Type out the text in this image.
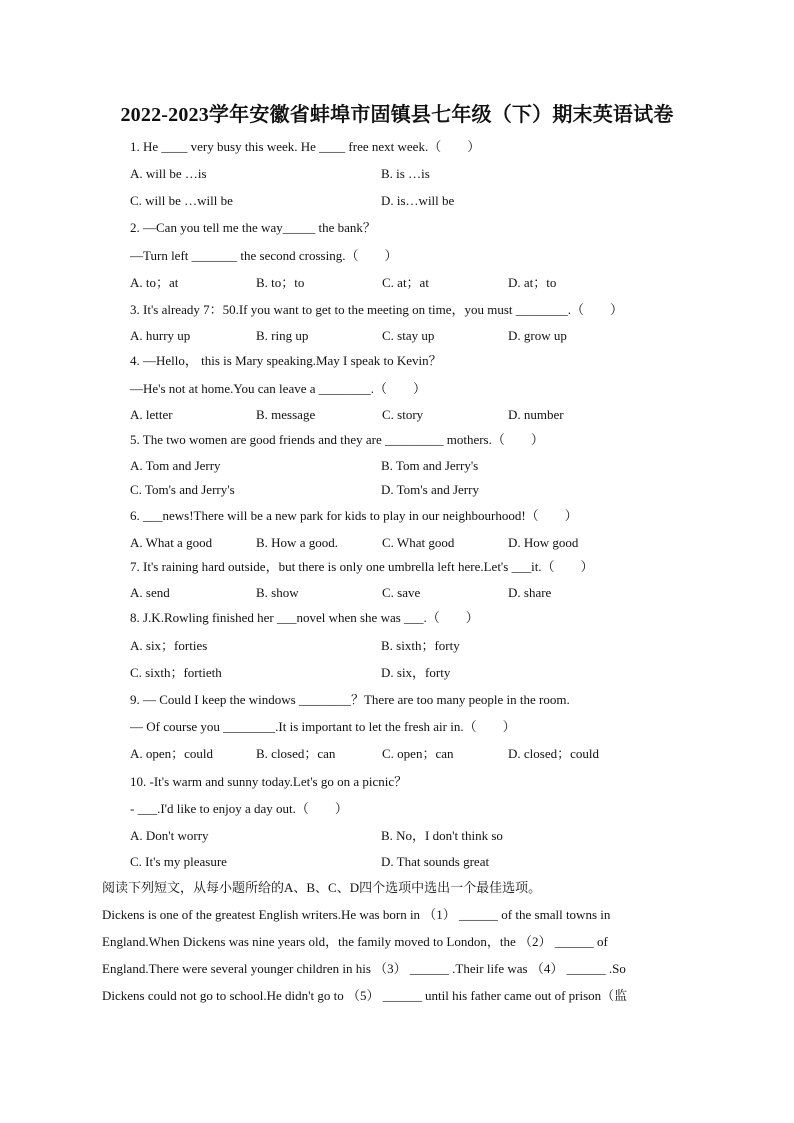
2022-2023学年安徽省蚌埠市固镇县七年级（下）期末英语试卷
1. He ____ very busy this week. He ____ free next week.（　　）
A. will be …is	B. is …is
C. will be …will be	D. is…will be
2. —Can you tell me the way_____ the bank？
—Turn left _______ the second crossing.（　　）
A. to；at	B. to；to	C. at；at	D. at；to
3. It's already 7：50.If you want to get to the meeting on time，you must ________.（　　）
A. hurry up	B. ring up	C. stay up	D. grow up
4. —Hello， this is Mary speaking.May I speak to Kevin？
—He's not at home.You can leave a ________.（　　）
A. letter	B. message	C. story	D. number
5. The two women are good friends and they are _________ mothers.（　　）
A. Tom and Jerry	B. Tom and Jerry's
C. Tom's and Jerry's	D. Tom's and Jerry
6. ___news!There will be a new park for kids to play in our neighbourhood!（　　）
A. What a good	B. How a good.	C. What good	D. How good
7. It's raining hard outside，but there is only one umbrella left here.Let's ___it.（　　）
A. send	B. show	C. save	D. share
8. J.K.Rowling finished her ___novel when she was ___.（　　）
A. six；forties	B. sixth；forty
C. sixth；fortieth	D. six，forty
9. — Could I keep the windows ________？There are too many people in the room.
— Of course you ________.It is important to let the fresh air in.（　　）
A. open；could	B. closed；can	C. open；can	D. closed；could
10. -It's warm and sunny today.Let's go on a picnic？
- ___.I'd like to enjoy a day out.（　　）
A. Don't worry	B. No，I don't think so
C. It's my pleasure	D. That sounds great
阅读下列短文，从每小题所给的A、B、C、D四个选项中选出一个最佳选项。
Dickens is one of the greatest English writers.He was born in （1） ______ of the small towns in
England.When Dickens was nine years old，the family moved to London，the （2） ______ of
England.There were several younger children in his （3） ______ .Their life was （4） ______ .So
Dickens could not go to school.He didn't go to （5） ______ until his father came out of prison（监
